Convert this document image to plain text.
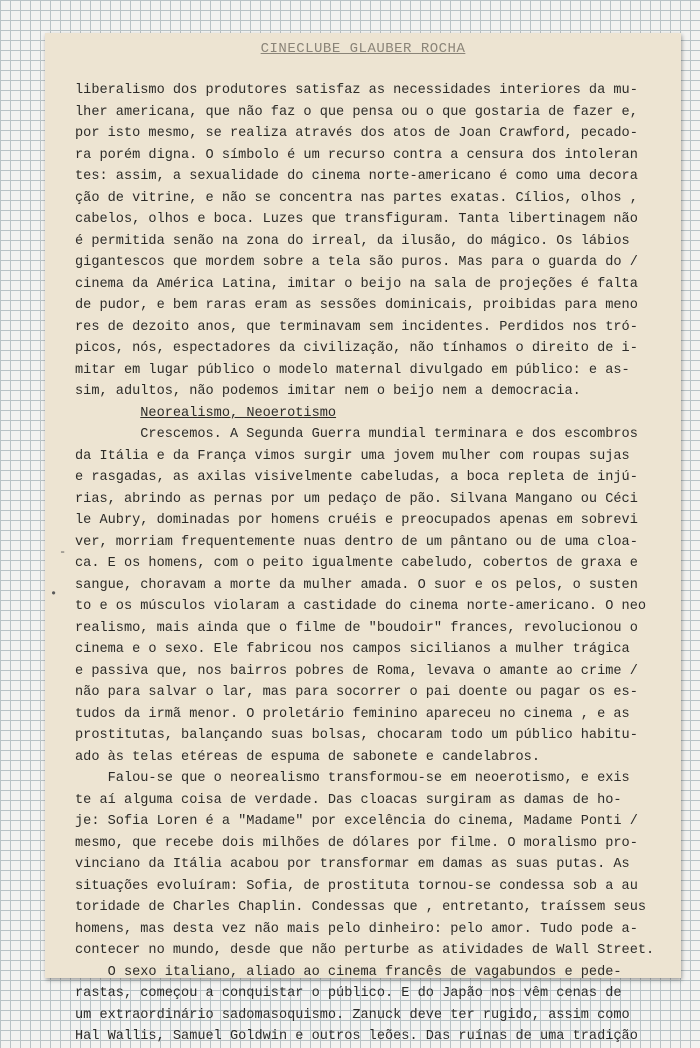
CINECLUBE GLAUBER ROCHA
liberalismo dos produtores satisfaz as necessidades interiores da mu-
lher americana, que não faz o que pensa ou o que gostaria de fazer e,
por isto mesmo, se realiza através dos atos de Joan Crawford, pecado-
ra porém digna. O símbolo é um recurso contra a censura dos intoleran
tes: assim, a sexualidade do cinema norte-americano é como uma decora
ção de vitrine, e não se concentra nas partes exatas. Cílios, olhos ,
cabelos, olhos e boca. Luzes que transfiguram. Tanta libertinagem não
é permitida senão na zona do irreal, da ilusão, do mágico. Os lábios
gigantescos que mordem sobre a tela são puros. Mas para o guarda do /
cinema da América Latina, imitar o beijo na sala de projeções é falta
de pudor, e bem raras eram as sessões dominicais, proibidas para meno
res de dezoito anos, que terminavam sem incidentes. Perdidos nos tró-
picos, nós, espectadores da civilização, não tínhamos o direito de i-
mitar em lugar público o modelo maternal divulgado em público: e as-
sim, adultos, não podemos imitar nem o beijo nem a democracia.
Neorealismo, Neoerotismo
Crescemos. A Segunda Guerra mundial terminara e dos escombros
da Itália e da França vimos surgir uma jovem mulher com roupas sujas
e rasgadas, as axilas visivelmente cabeludas, a boca repleta de injú-
rias, abrindo as pernas por um pedaço de pão. Silvana Mangano ou Céci
le Aubry, dominadas por homens cruéis e preocupados apenas em sobrevi
ver, morriam frequentemente nuas dentro de um pântano ou de uma cloa-
ca. E os homens, com o peito igualmente cabeludo, cobertos de graxa e
sangue, choravam a morte da mulher amada. O suor e os pelos, o susten
to e os músculos violaram a castidade do cinema norte-americano. O neo
realismo, mais ainda que o filme de "boudoir" frances, revolucionou o
cinema e o sexo. Ele fabricou nos campos sicilianos a mulher trágica
e passiva que, nos bairros pobres de Roma, levava o amante ao crime /
não para salvar o lar, mas para socorrer o pai doente ou pagar os es-
tudos da irmã menor. O proletário feminino apareceu no cinema , e as
prostitutas, balançando suas bolsas, chocaram todo um público habitu-
ado às telas etéreas de espuma de sabonete e candelabros.
Falou-se que o neorealismo transformou-se em neoerotismo, e exis
te aí alguma coisa de verdade. Das cloacas surgiram as damas de ho-
je: Sofia Loren é a "Madame" por excelência do cinema, Madame Ponti /
mesmo, que recebe dois milhões de dólares por filme. O moralismo pro-
vinciano da Itália acabou por transformar em damas as suas putas. As
situações evoluíram: Sofia, de prostituta tornou-se condessa sob a au
toridade de Charles Chaplin. Condessas que , entretanto, traíssem seus
homens, mas desta vez não mais pelo dinheiro: pelo amor. Tudo pode a-
contecer no mundo, desde que não perturbe as atividades de Wall Street.
O sexo italiano, aliado ao cinema francês de vagabundos e pede-
rastas, começou a conquistar o público. E do Japão nos vêm cenas de
um extraordinário sadomasoquismo. Zanuck deve ter rugido, assim como
Hal Wallis, Samuel Goldwin e outros leões. Das ruínas de uma tradição
-
•
